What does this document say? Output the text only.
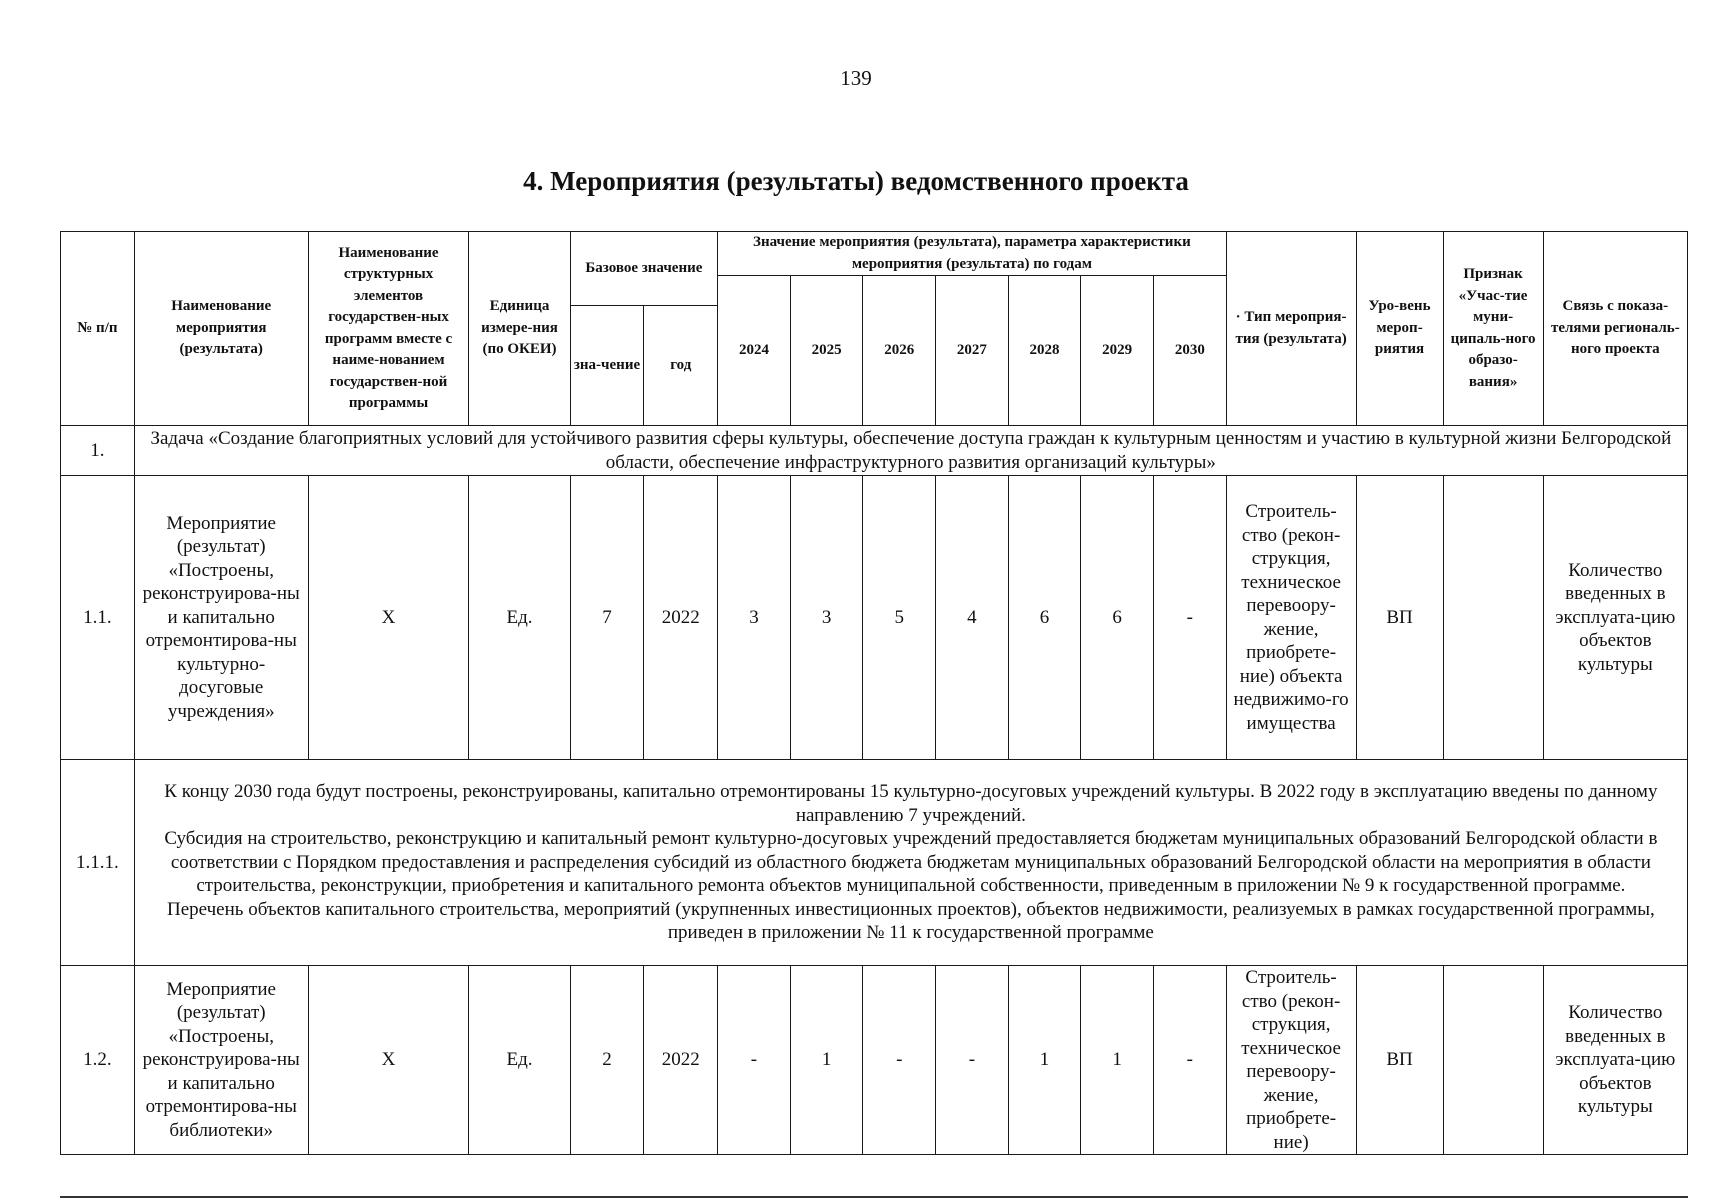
139
4. Мероприятия (результаты) ведомственного проекта
№ п/п	Наименование мероприятия (результата)	Наименование структурных элементов государствен-ных программ вместе с наиме-нованием государствен-ной программы	Единица измере-ния (по ОКЕИ)	Базовое значение		Значение мероприятия (результата), параметра характеристики мероприятия (результата) по годам							· Тип мероприя-тия (результата)	Уро-вень мероп-риятия	Признак «Учас-тие муни-ципаль-ного образо-вания»	Связь с показа-телями региональ-ного проекта
						2024	2025	2026	2027	2028	2029	2030				
				зна-чение	год											
1.	Задача «Создание благоприятных условий для устойчивого развития сферы культуры, обеспечение доступа граждан к культурным ценностям и участию в культурной жизни Белгородской области, обеспечение инфраструктурного развития организаций культуры»															
1.1.	Мероприятие (результат) «Построены, реконструирова-ны и капитально отремонтирова-ны культурно-досуговые учреждения»	Х	Ед.	7	2022	3	3	5	4	6	6	-	Строитель-ство (рекон-струкция, техническое перевоору-жение, приобрете-ние) объекта недвижимо-го имущества	ВП		Количество введенных в эксплуата-цию объектов культуры
1.1.1.	К концу 2030 года будут построены, реконструированы, капитально отремонтированы 15 культурно-досуговых учреждений культуры. В 2022 году в эксплуатацию введены по данному направлению 7 учреждений.
Субсидия на строительство, реконструкцию и капитальный ремонт культурно-досуговых учреждений предоставляется бюджетам муниципальных образований Белгородской области в соответствии с Порядком предоставления и распределения субсидий из областного бюджета бюджетам муниципальных образований Белгородской области на мероприятия в области строительства, реконструкции, приобретения и капитального ремонта объектов муниципальной собственности, приведенным в приложении № 9 к государственной программе.
Перечень объектов капитального строительства, мероприятий (укрупненных инвестиционных проектов), объектов недвижимости, реализуемых в рамках государственной программы, приведен в приложении № 11 к государственной программе															

1.2.	Мероприятие (результат) «Построены, реконструирова-ны и капитально отремонтирова-ны библиотеки»	Х	Ед.	2	2022	-	1	-	-	1	1	-	Строитель-ство (рекон-струкция, техническое перевоору-жение, приобрете-ние)	ВП		Количество введенных в эксплуата-цию объектов культуры
